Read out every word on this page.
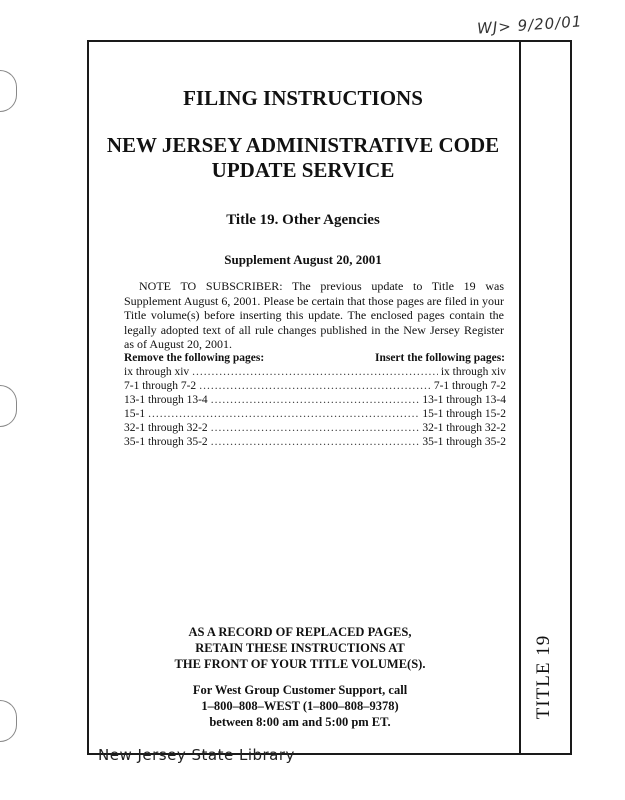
WJ> 9/20/01
FILING INSTRUCTIONS
NEW JERSEY ADMINISTRATIVE CODE
UPDATE SERVICE
Title 19. Other Agencies
Supplement August 20, 2001
NOTE TO SUBSCRIBER: The previous update to Title 19 was Supplement August 6, 2001. Please be certain that those pages are filed in your Title volume(s) before inserting this update. The enclosed pages contain the legally adopted text of all rule changes published in the New Jersey Register as of August 20, 2001.
Remove the following pages:	Insert the following pages:
ix through xiv .....	ix through xiv
7-1 through 7-2 .....	7-1 through 7-2
13-1 through 13-4 .....	13-1 through 13-4
15-1 .....	15-1 through 15-2
32-1 through 32-2 .....	32-1 through 32-2
35-1 through 35-2 .....	35-1 through 35-2
AS A RECORD OF REPLACED PAGES,
RETAIN THESE INSTRUCTIONS AT
THE FRONT OF YOUR TITLE VOLUME(S).
For West Group Customer Support, call
1–800–808–WEST (1–800–808–9378)
between 8:00 am and 5:00 pm ET.
TITLE 19
New Jersey State Library
